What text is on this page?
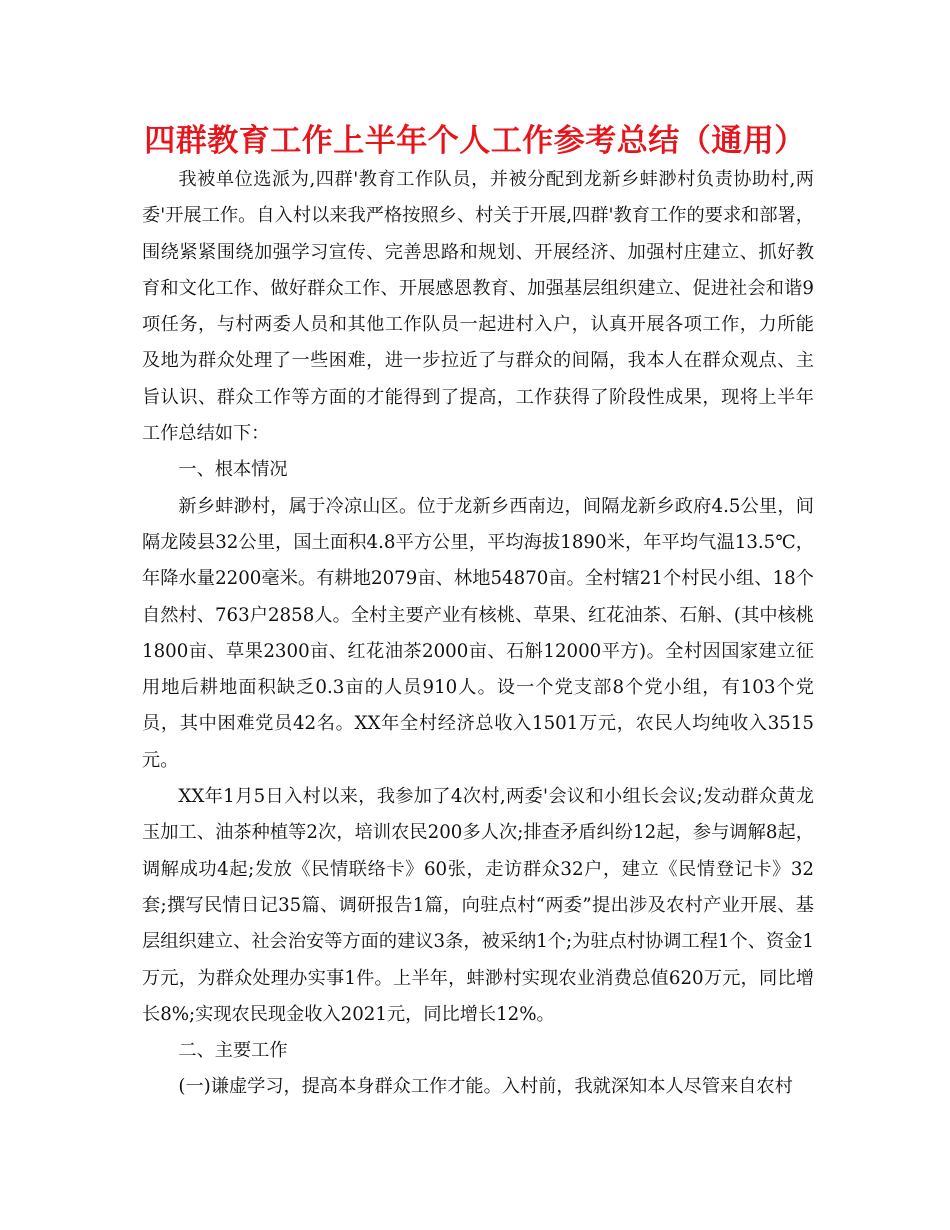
四群教育工作上半年个人工作参考总结（通用）

我被单位选派为,四群'教育工作队员，并被分配到龙新乡蚌渺村负责协助村,两委'开展工作。自入村以来我严格按照乡、村关于开展,四群'教育工作的要求和部署，围绕紧紧围绕加强学习宣传、完善思路和规划、开展经济、加强村庄建立、抓好教育和文化工作、做好群众工作、开展感恩教育、加强基层组织建立、促进社会和谐9项任务，与村两委人员和其他工作队员一起进村入户，认真开展各项工作，力所能及地为群众处理了一些困难，进一步拉近了与群众的间隔，我本人在群众观点、主旨认识、群众工作等方面的才能得到了提高，工作获得了阶段性成果，现将上半年工作总结如下：

一、根本情况

新乡蚌渺村，属于冷凉山区。位于龙新乡西南边，间隔龙新乡政府4.5公里，间隔龙陵县32公里，国土面积4.8平方公里，平均海拔1890米，年平均气温13.5℃，年降水量2200毫米。有耕地2079亩、林地54870亩。全村辖21个村民小组、18个自然村、763户2858人。全村主要产业有核桃、草果、红花油茶、石斛、(其中核桃1800亩、草果2300亩、红花油茶2000亩、石斛12000平方)。全村因国家建立征用地后耕地面积缺乏0.3亩的人员910人。设一个党支部8个党小组，有103个党员，其中困难党员42名。XX年全村经济总收入1501万元，农民人均纯收入3515元。

XX年1月5日入村以来，我参加了4次村,两委'会议和小组长会议;发动群众黄龙玉加工、油茶种植等2次，培训农民200多人次;排查矛盾纠纷12起，参与调解8起，调解成功4起;发放《民情联络卡》60张，走访群众32户，建立《民情登记卡》32套;撰写民情日记35篇、调研报告1篇，向驻点村“两委”提出涉及农村产业开展、基层组织建立、社会治安等方面的建议3条，被采纳1个;为驻点村协调工程1个、资金1万元，为群众处理办实事1件。上半年，蚌渺村实现农业消费总值620万元，同比增长8%;实现农民现金收入2021元，同比增长12%。

二、主要工作

(一)谦虚学习，提高本身群众工作才能。入村前，我就深知本人尽管来自农村
